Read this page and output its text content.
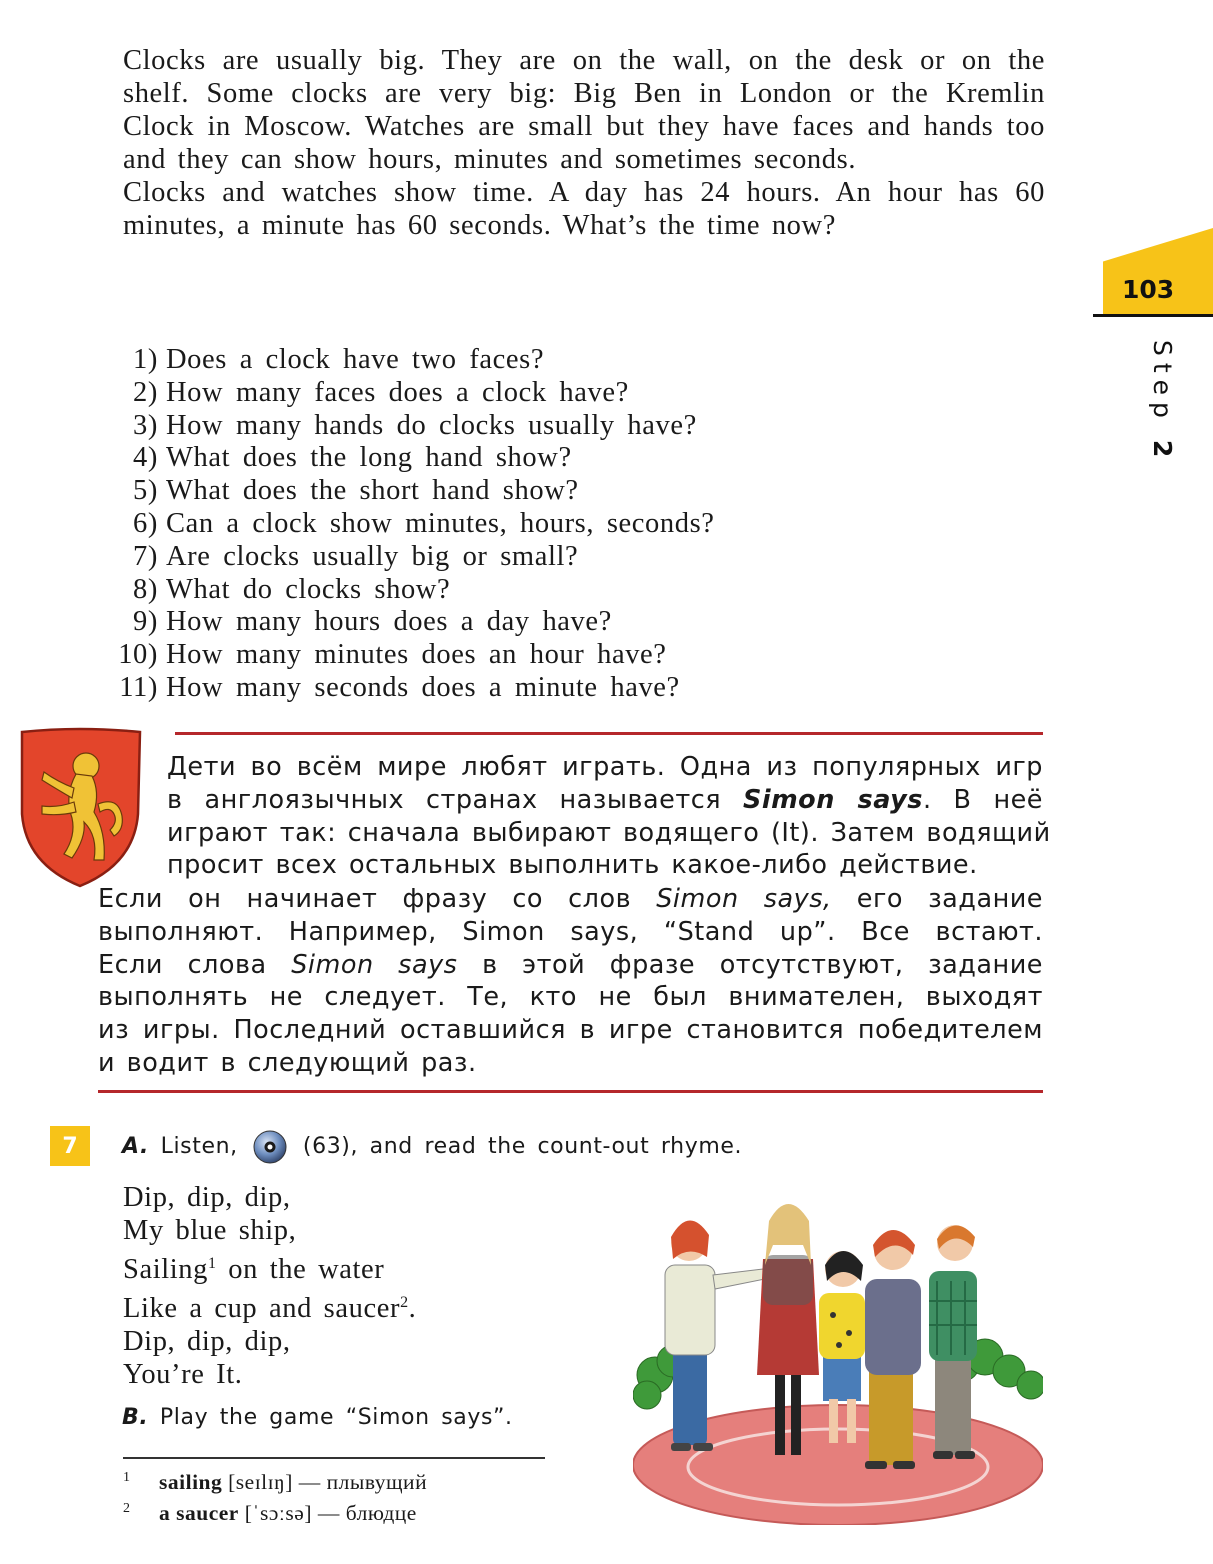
Clocks are usually big. They are on the wall, on the desk or on the shelf. Some clocks are very big: Big Ben in London or the Kremlin Clock in Moscow. Watches are small but they have faces and hands too and they can show hours, minutes and sometimes seconds.

Clocks and watches show time. A day has 24 hours. An hour has 60 minutes, a minute has 60 seconds. What’s the time now?

1) Does a clock have two faces?
2) How many faces does a clock have?
3) How many hands do clocks usually have?
4) What does the long hand show?
5) What does the short hand show?
6) Can a clock show minutes, hours, seconds?
7) Are clocks usually big or small?
8) What do clocks show?
9) How many hours does a day have?
10) How many minutes does an hour have?
11) How many seconds does a minute have?
103
Step 2
Дети во всём мире любят играть. Одна из популярных игр
в англоязычных странах называется Simon says. В неё
играют так: сначала выбирают водящего (It). Затем водящий
просит всех остальных выполнить какое-либо действие.
Если он начинает фразу со слов Simon says, его задание
выполняют. Например, Simon says, “Stand up”. Все встают.
Если слова Simon says в этой фразе отсутствуют, задание
выполнять не следует. Те, кто не был внимателен, выходят
из игры. Последний оставшийся в игре становится победителем
и водит в следующий раз.
7	A. Listen,	(63), and read the count-out rhyme.
Dip, dip, dip,
My blue ship,
Sailing$^1$ on the water
Like a cup and saucer$^2$.
Dip, dip, dip,
You’re It.
B. Play the game “Simon says”.
1 sailing [seɪlɪŋ] — плывущий
2 a saucer [ˈsɔːsə] — блюдце
